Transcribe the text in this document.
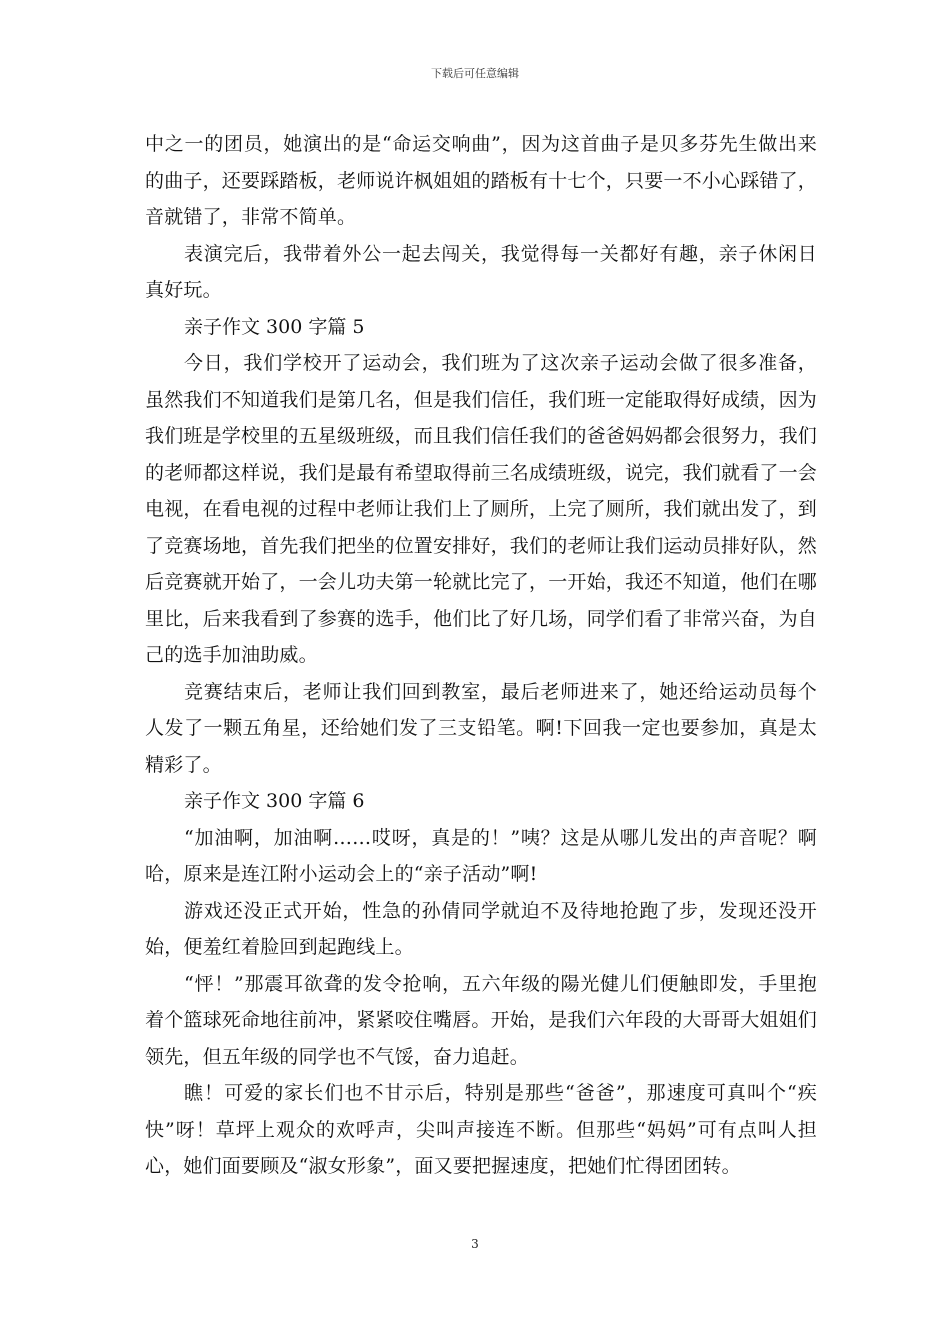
下载后可任意编辑

中之一的团员，她演出的是“命运交响曲”，因为这首曲子是贝多芬先生做出来的曲子，还要踩踏板，老师说许枫姐姐的踏板有十七个，只要一不小心踩错了，音就错了，非常不简单。

表演完后，我带着外公一起去闯关，我觉得每一关都好有趣，亲子休闲日真好玩。

亲子作文 300 字篇 5

今日，我们学校开了运动会，我们班为了这次亲子运动会做了很多准备，虽然我们不知道我们是第几名，但是我们信任，我们班一定能取得好成绩，因为我们班是学校里的五星级班级，而且我们信任我们的爸爸妈妈都会很努力，我们的老师都这样说，我们是最有希望取得前三名成绩班级，说完，我们就看了一会电视，在看电视的过程中老师让我们上了厕所，上完了厕所，我们就出发了，到了竞赛场地，首先我们把坐的位置安排好，我们的老师让我们运动员排好队，然后竞赛就开始了，一会儿功夫第一轮就比完了，一开始，我还不知道，他们在哪里比，后来我看到了参赛的选手，他们比了好几场，同学们看了非常兴奋，为自己的选手加油助威。

竞赛结束后，老师让我们回到教室，最后老师进来了，她还给运动员每个人发了一颗五角星，还给她们发了三支铅笔。啊!下回我一定也要参加，真是太精彩了。

亲子作文 300 字篇 6

“加油啊，加油啊……哎呀，真是的！”咦？这是从哪儿发出的声音呢？啊哈，原来是连江附小运动会上的“亲子活动”啊!

游戏还没正式开始，性急的孙倩同学就迫不及待地抢跑了步，发现还没开始，便羞红着脸回到起跑线上。

“怦！”那震耳欲聋的发令抢响，五六年级的陽光健儿们便触即发，手里抱着个篮球死命地往前冲，紧紧咬住嘴唇。开始，是我们六年段的大哥哥大姐姐们领先，但五年级的同学也不气馁，奋力追赶。

瞧！可爱的家长们也不甘示后，特别是那些“爸爸”，那速度可真叫个“疾快”呀！草坪上观众的欢呼声，尖叫声接连不断。但那些“妈妈”可有点叫人担心，她们面要顾及“淑女形象”，面又要把握速度，把她们忙得团团转。

3
